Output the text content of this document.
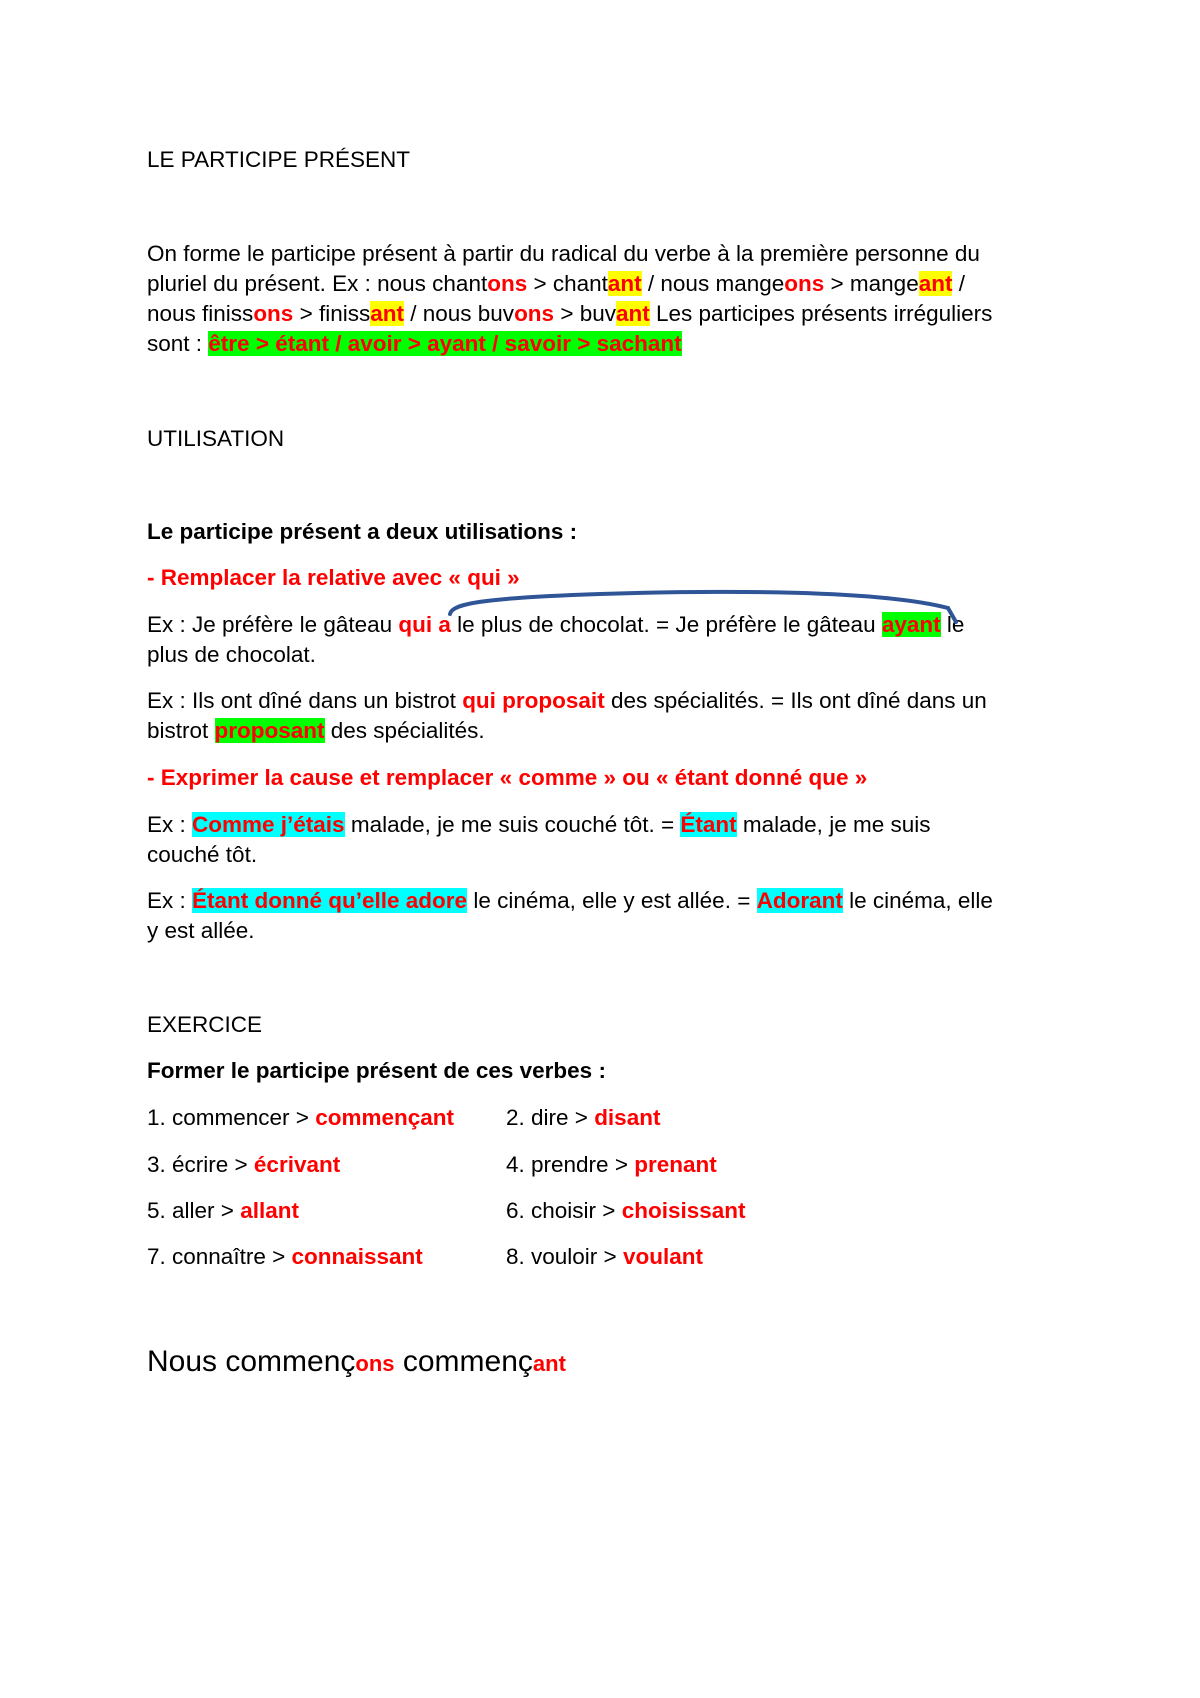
LE PARTICIPE PRÉSENT
On forme le participe présent à partir du radical du verbe à la première personne du
pluriel du présent. Ex : nous chantons > chantant / nous mangeons > mangeant /
nous finissons > finissant / nous buvons > buvant Les participes présents irréguliers
sont : être > étant / avoir > ayant / savoir > sachant
UTILISATION
Le participe présent a deux utilisations :
- Remplacer la relative avec « qui »
Ex : Je préfère le gâteau qui a le plus de chocolat. = Je préfère le gâteau ayant le
plus de chocolat.
Ex : Ils ont dîné dans un bistrot qui proposait des spécialités. = Ils ont dîné dans un
bistrot proposant des spécialités.
- Exprimer la cause et remplacer « comme » ou « étant donné que »
Ex : Comme j’étais malade, je me suis couché tôt. = Étant malade, je me suis
couché tôt.
Ex : Étant donné qu’elle adore le cinéma, elle y est allée. = Adorant le cinéma, elle
y est allée.
EXERCICE
Former le participe présent de ces verbes :
1. commencer > commençant 2. dire > disant
3. écrire > écrivant	4. prendre > prenant
5. aller > allant	6. choisir > choisissant
7. connaître > connaissant	8. vouloir > voulant
Nous commençons commençant
